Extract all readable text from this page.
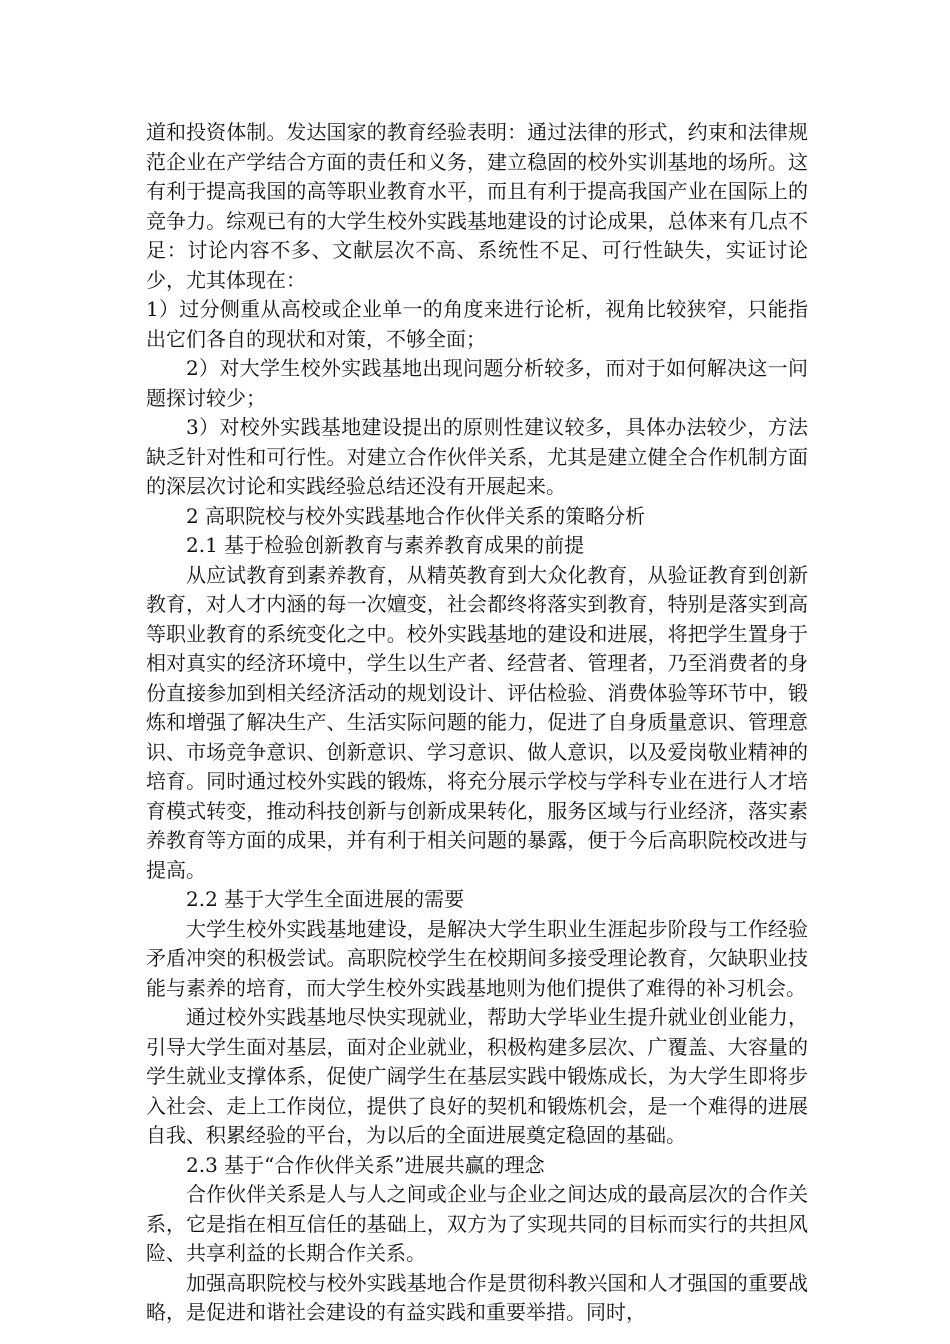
道和投资体制。发达国家的教育经验表明：通过法律的形式，约束和法律规范企业在产学结合方面的责任和义务，建立稳固的校外实训基地的场所。这有利于提高我国的高等职业教育水平，而且有利于提高我国产业在国际上的竞争力。综观已有的大学生校外实践基地建设的讨论成果，总体来有几点不足：讨论内容不多、文献层次不高、系统性不足、可行性缺失，实证讨论少，尤其体现在：

1）过分侧重从高校或企业单一的角度来进行论析，视角比较狭窄，只能指出它们各自的现状和对策，不够全面；

2）对大学生校外实践基地出现问题分析较多，而对于如何解决这一问题探讨较少；

3）对校外实践基地建设提出的原则性建议较多，具体办法较少，方法缺乏针对性和可行性。对建立合作伙伴关系，尤其是建立健全合作机制方面的深层次讨论和实践经验总结还没有开展起来。

2 高职院校与校外实践基地合作伙伴关系的策略分析

2.1 基于检验创新教育与素养教育成果的前提

从应试教育到素养教育，从精英教育到大众化教育，从验证教育到创新教育，对人才内涵的每一次嬗变，社会都终将落实到教育，特别是落实到高等职业教育的系统变化之中。校外实践基地的建设和进展，将把学生置身于相对真实的经济环境中，学生以生产者、经营者、管理者，乃至消费者的身份直接参加到相关经济活动的规划设计、评估检验、消费体验等环节中，锻炼和增强了解决生产、生活实际问题的能力，促进了自身质量意识、管理意识、市场竞争意识、创新意识、学习意识、做人意识，以及爱岗敬业精神的培育。同时通过校外实践的锻炼，将充分展示学校与学科专业在进行人才培育模式转变，推动科技创新与创新成果转化，服务区域与行业经济，落实素养教育等方面的成果，并有利于相关问题的暴露，便于今后高职院校改进与提高。

2.2 基于大学生全面进展的需要

大学生校外实践基地建设，是解决大学生职业生涯起步阶段与工作经验矛盾冲突的积极尝试。高职院校学生在校期间多接受理论教育，欠缺职业技能与素养的培育，而大学生校外实践基地则为他们提供了难得的补习机会。

通过校外实践基地尽快实现就业，帮助大学毕业生提升就业创业能力，引导大学生面对基层，面对企业就业，积极构建多层次、广覆盖、大容量的学生就业支撑体系，促使广阔学生在基层实践中锻炼成长，为大学生即将步入社会、走上工作岗位，提供了良好的契机和锻炼机会，是一个难得的进展自我、积累经验的平台，为以后的全面进展奠定稳固的基础。

2.3 基于“合作伙伴关系”进展共赢的理念

合作伙伴关系是人与人之间或企业与企业之间达成的最高层次的合作关系，它是指在相互信任的基础上，双方为了实现共同的目标而实行的共担风险、共享利益的长期合作关系。

加强高职院校与校外实践基地合作是贯彻科教兴国和人才强国的重要战略，是促进和谐社会建设的有益实践和重要举措。同时，
